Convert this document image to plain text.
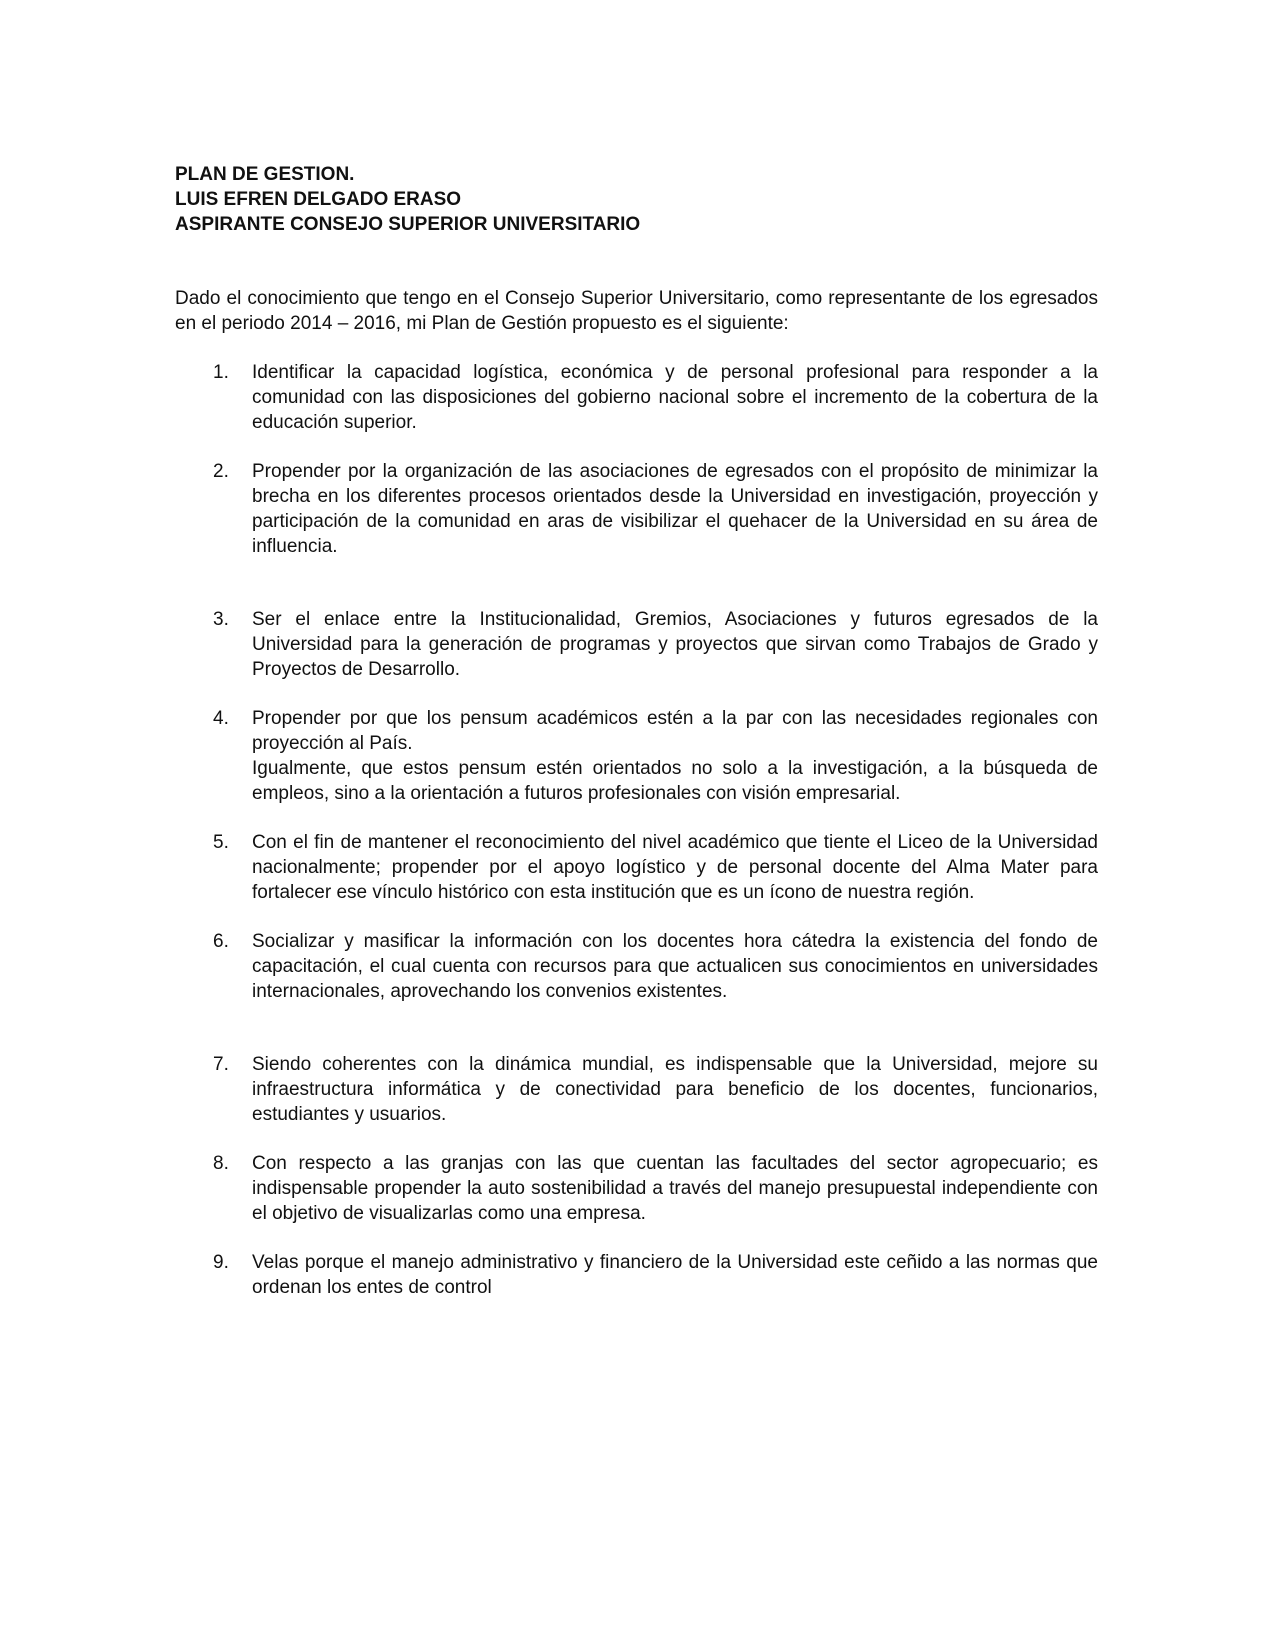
PLAN DE GESTION.

LUIS EFREN DELGADO ERASO

ASPIRANTE CONSEJO SUPERIOR UNIVERSITARIO

Dado el conocimiento que tengo en el Consejo Superior Universitario, como representante de los egresados en el periodo 2014 – 2016, mi Plan de Gestión propuesto es el siguiente:

1. Identificar la capacidad logística, económica y de personal profesional para responder a la comunidad con las disposiciones del gobierno nacional sobre el incremento de la cobertura de la educación superior.
2. Propender por la organización de las asociaciones de egresados con el propósito de minimizar la brecha en los diferentes procesos orientados desde la Universidad en investigación, proyección y participación de la comunidad en aras de visibilizar el quehacer de la Universidad en su área de influencia.
3. Ser el enlace entre la Institucionalidad, Gremios, Asociaciones y futuros egresados de la Universidad para la generación de programas y proyectos que sirvan como Trabajos de Grado y Proyectos de Desarrollo.
4. Propender por que los pensum académicos estén a la par con las necesidades regionales con proyección al País.
Igualmente, que estos pensum estén orientados no solo a la investigación, a la búsqueda de empleos, sino a la orientación a futuros profesionales con visión empresarial.
5. Con el fin de mantener el reconocimiento del nivel académico que tiente el Liceo de la Universidad nacionalmente; propender por el apoyo logístico y de personal docente del Alma Mater para fortalecer ese vínculo histórico con esta institución que es un ícono de nuestra región.
6. Socializar y masificar la información con los docentes hora cátedra la existencia del fondo de capacitación, el cual cuenta con recursos para que actualicen sus conocimientos en universidades internacionales, aprovechando los convenios existentes.
7. Siendo coherentes con la dinámica mundial, es indispensable que la Universidad, mejore su infraestructura informática y de conectividad para beneficio de los docentes, funcionarios, estudiantes y usuarios.
8. Con respecto a las granjas con las que cuentan las facultades del sector agropecuario; es indispensable propender la auto sostenibilidad a través del manejo presupuestal independiente con el objetivo de visualizarlas como una empresa.
9. Velas porque el manejo administrativo y financiero de la Universidad este ceñido a las normas que ordenan los entes de control
